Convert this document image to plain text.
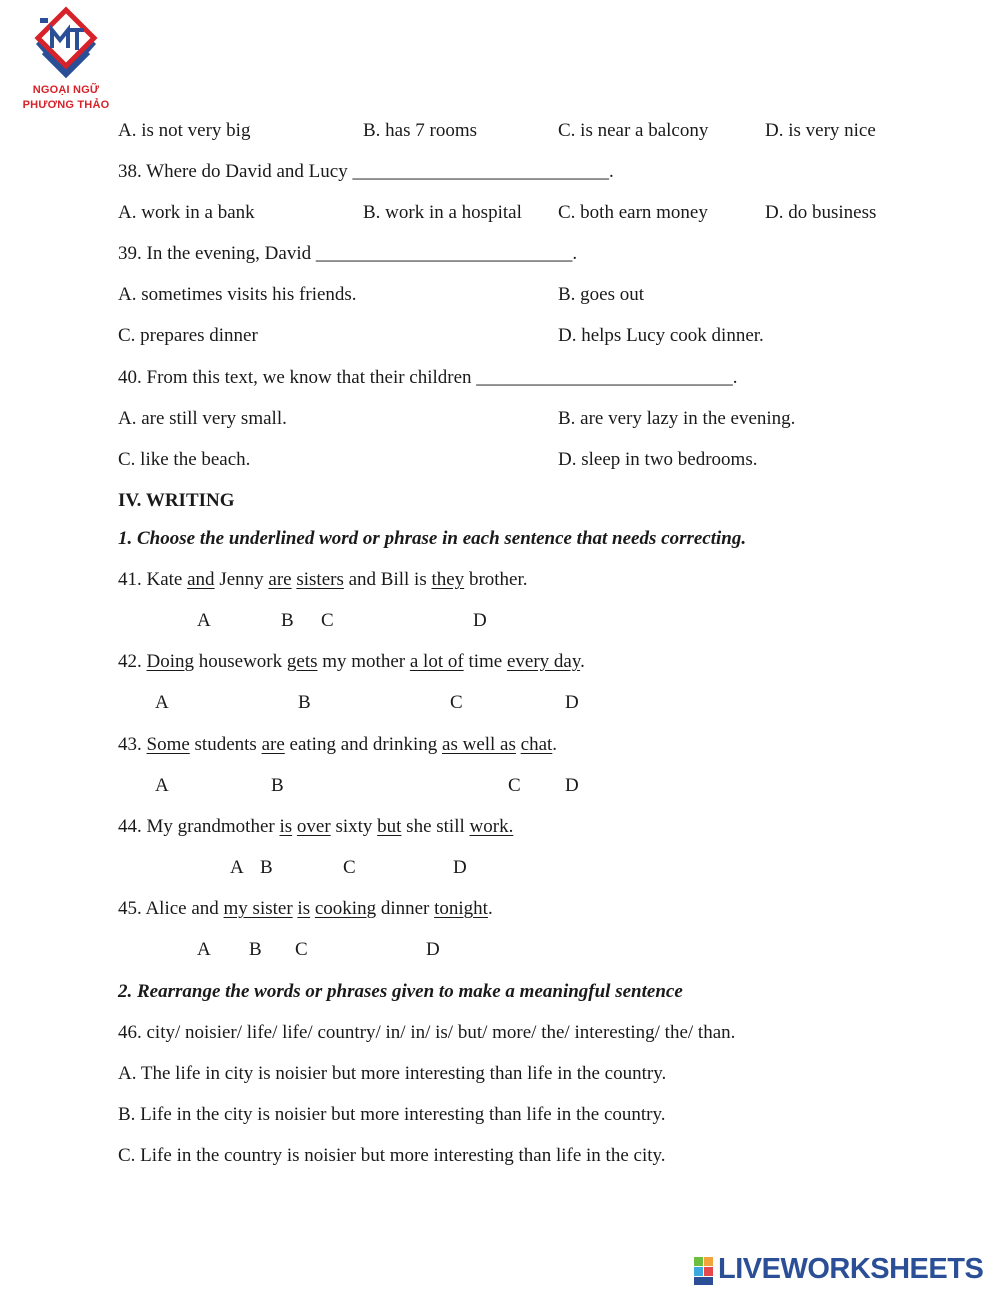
NGOẠI NGỮ
PHƯƠNG THẢO
A. is not very big	B. has 7 rooms	C. is near a balcony	D. is very nice
38. Where do David and Lucy ___________________________.
A. work in a bank	B. work in a hospital C. both earn money	D. do business
39. In the evening, David ___________________________.
A. sometimes visits his friends.	B. goes out
C. prepares dinner	D. helps Lucy cook dinner.
40. From this text, we know that their children ___________________________.
A. are still very small.	B. are very lazy in the evening.
C. like the beach.	D. sleep in two bedrooms.
IV. WRITING
1. Choose the underlined word or phrase in each sentence that needs correcting.
41. Kate and Jenny are sisters and Bill is they brother.
A	B C	D
42. Doing housework gets my mother a lot of time every day.
A	B	C	D
43. Some students are eating and drinking as well as chat.
A	B	C D
44. My grandmother is over sixty but she still work.
A B	C	D
45. Alice and my sister is cooking dinner tonight.
A B C	D
2. Rearrange the words or phrases given to make a meaningful sentence
46. city/ noisier/ life/ life/ country/ in/ in/ is/ but/ more/ the/ interesting/ the/ than.
A. The life in city is noisier but more interesting than life in the country.
B. Life in the city is noisier but more interesting than life in the country.
C. Life in the country is noisier but more interesting than life in the city.
LIVEWORKSHEETS
